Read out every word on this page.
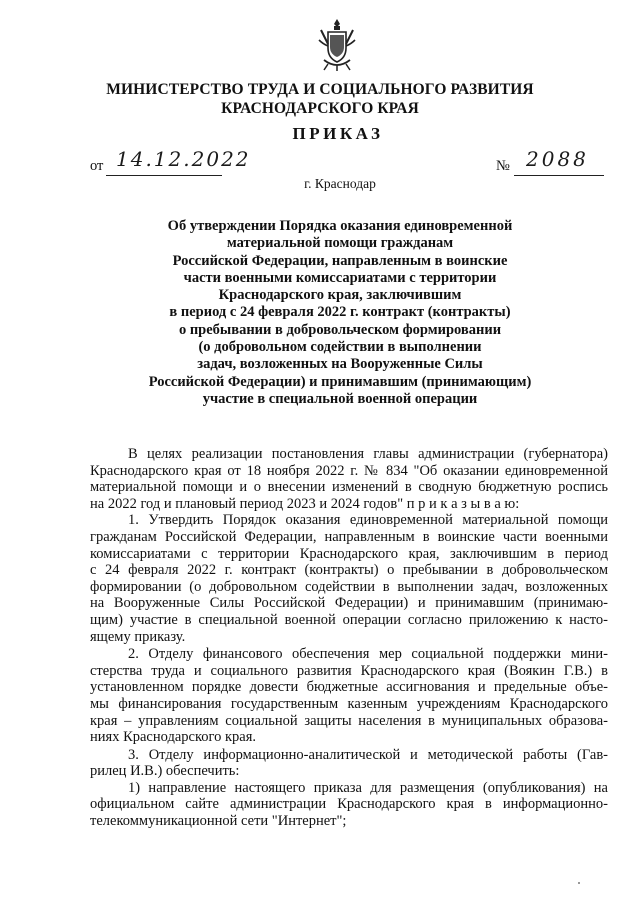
МИНИСТЕРСТВО ТРУДА И СОЦИАЛЬНОГО РАЗВИТИЯ
КРАСНОДАРСКОГО КРАЯ
ПРИКАЗ
от 14.12.2022	№ 2088
г. Краснодар
Об утверждении Порядка оказания единовременной
материальной помощи гражданам
Российской Федерации, направленным в воинские
части военными комиссариатами с территории
Краснодарского края, заключившим
в период с 24 февраля 2022 г. контракт (контракты)
о пребывании в добровольческом формировании
(о добровольном содействии в выполнении
задач, возложенных на Вооруженные Силы
Российской Федерации) и принимавшим (принимающим)
участие в специальной военной операции
В целях реализации постановления главы администрации (губернатора)
Краснодарского края от 18 ноября 2022 г. № 834 "Об оказании единовременной
материальной помощи и о внесении изменений в сводную бюджетную роспись
на 2022 год и плановый период 2023 и 2024 годов" п р и к а з ы в а ю:
1. Утвердить Порядок оказания единовременной материальной помощи
гражданам Российской Федерации, направленным в воинские части военными
комиссариатами с территории Краснодарского края, заключившим в период
с 24 февраля 2022 г. контракт (контракты) о пребывании в добровольческом
формировании (о добровольном содействии в выполнении задач, возложенных
на Вооруженные Силы Российской Федерации) и принимавшим (принимаю-
щим) участие в специальной военной операции согласно приложению к насто-
ящему приказу.
2. Отделу финансового обеспечения мер социальной поддержки мини-
стерства труда и социального развития Краснодарского края (Воякин Г.В.) в
установленном порядке довести бюджетные ассигнования и предельные объе-
мы финансирования государственным казенным учреждениям Краснодарского
края – управлениям социальной защиты населения в муниципальных образова-
ниях Краснодарского края.
3. Отделу информационно-аналитической и методической работы (Гав-
рилец И.В.) обеспечить:
1) направление настоящего приказа для размещения (опубликования) на
официальном сайте администрации Краснодарского края в информационно-
телекоммуникационной сети "Интернет";
